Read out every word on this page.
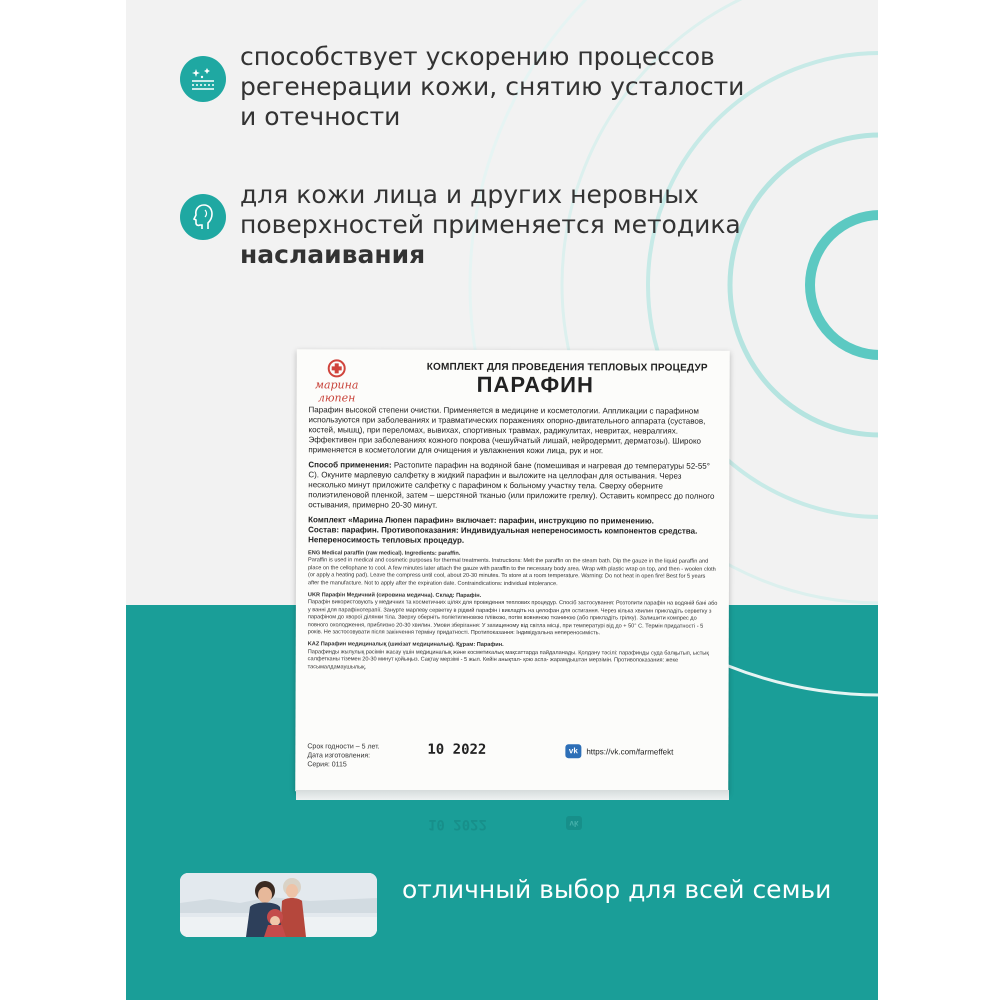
способствует ускорению процессов регенерации кожи, снятию усталости и отечности
для кожи лица и других неровных поверхностей применяется методика наслаивания
марина
люпен
КОМПЛЕКТ ДЛЯ ПРОВЕДЕНИЯ ТЕПЛОВЫХ ПРОЦЕДУР
ПАРАФИН

Парафин высокой степени очистки. Применяется в медицине и косметологии. Аппликации с парафином используются при заболеваниях и травматических поражениях опорно-двигательного аппарата (суставов, костей, мышц), при переломах, вывихах, спортивных травмах, радикулитах, невритах, невралгиях. Эффективен при заболеваниях кожного покрова (чешуйчатый лишай, нейродермит, дерматозы). Широко применяется в косметологии для очищения и увлажнения кожи лица, рук и ног.

Способ применения: Растопите парафин на водяной бане (помешивая и нагревая до температуры 52-55° С). Окуните марлевую салфетку в жидкий парафин и выложите на целлофан для остывания. Через несколько минут приложите салфетку с парафином к больному участку тела. Сверху оберните полиэтиленовой пленкой, затем – шерстяной тканью (или приложите грелку). Оставить компресс до полного остывания, примерно 20-30 минут.

Комплект «Марина Люпен парафин» включает: парафин, инструкцию по применению.
Состав: парафин. Противопоказания: Индивидуальная непереносимость компонентов средства. Непереносимость тепловых процедур.

ENG Medical paraffin (raw medical). Ingredients: paraffin.
Paraffin is used in medical and cosmetic purposes for thermal treatments. Instructions: Melt the paraffin on the steam bath. Dip the gauze in the liquid paraffin and place on the cellophane to cool. A few minutes later attach the gauze with paraffin to the necessary body area. Wrap with plastic wrap on top, and then - woolen cloth (or apply a heating pad). Leave the compress until cool, about 20-30 minutes. To store at a room temperature. Warning: Do not heat in open fire! Best for 5 years after the manufacture. Not to apply after the expiration date. Contraindications: individual intolerance.

UKR Парафін Медичний (сировина медична). Склад: Парафін.
Парафін використовують у медичних та косметичних цілях для проведення теплових процедур. Спосіб застосування: Розтопити парафін на водяній бані або у ванні для парафінотерапії. Занурте марлеву серветку в рідкий парафін і викладіть на целофан для остигання. Через кілька хвилин прикладіть серветку з парафіном до хворої ділянки тіла. Зверху оберніть поліетиленовою плівкою, потім вовняною тканиною (або прикладіть грілку). Залишити компрес до повного охолодження, приблизно 20-30 хвилин. Умови зберігання: У захищеному від світла місці, при температурі від до + 50° С. Термін придатності - 5 років. Не застосовувати після закінчення терміну придатності. Протипоказання: Індивідуальна непереносимість.

KAZ Парафин медициналық (шикізат медициналық). Құрам: Парафин.
Парафинды жылулық рәсімін жасау үшін медициналық және косметикалық мақсаттарда пайдаланады. Қолдану тәсілі: парафинды суда балқытып, ыстық салфетканы тіземен 20-30 минут қойыңыз. Сақтау мерзімі - 5 жыл. Кейін анықтал- қою аспа- жарамдыштан мерзімін. Противопоказания: жеке тасымалдамаушылық.

Срок годности – 5 лет.
Дата изготовления:
Серия: 0115
10 2022	vk	https://vk.com/farmeffekt
10 2022	vk
отличный выбор для всей семьи
